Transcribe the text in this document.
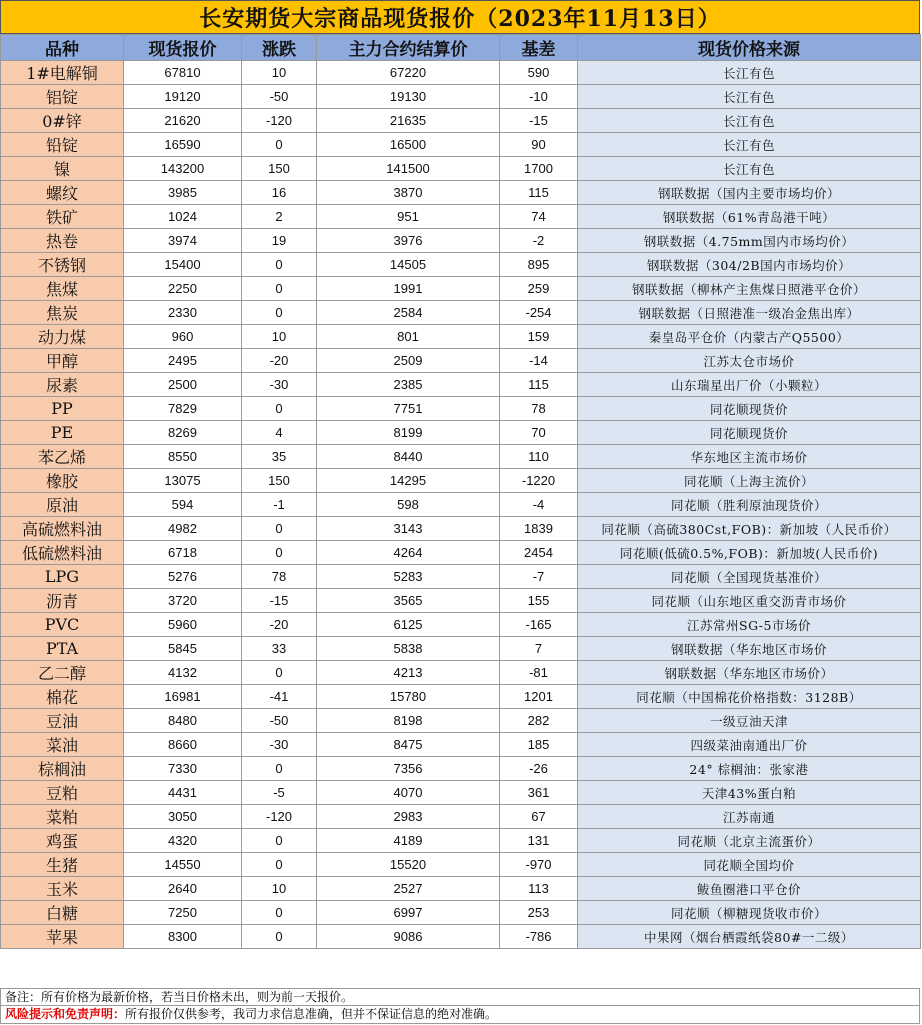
长安期货大宗商品现货报价（2023年11月13日）
品种	现货报价	涨跌	主力合约结算价	基差	现货价格来源
1#电解铜	67810	10	67220	590	长江有色
铝锭	19120	-50	19130	-10	长江有色
0#锌	21620	-120	21635	-15	长江有色
铅锭	16590	0	16500	90	长江有色
镍	143200	150	141500	1700	长江有色
螺纹	3985	16	3870	115	钢联数据（国内主要市场均价）
铁矿	1024	2	951	74	钢联数据（61%青岛港干吨）
热卷	3974	19	3976	-2	钢联数据（4.75mm国内市场均价）
不锈钢	15400	0	14505	895	钢联数据（304/2B国内市场均价）
焦煤	2250	0	1991	259	钢联数据（柳林产主焦煤日照港平仓价）
焦炭	2330	0	2584	-254	钢联数据（日照港准一级冶金焦出库）
动力煤	960	10	801	159	秦皇岛平仓价（内蒙古产Q5500）
甲醇	2495	-20	2509	-14	江苏太仓市场价
尿素	2500	-30	2385	115	山东瑞星出厂价（小颗粒）
PP	7829	0	7751	78	同花顺现货价
PE	8269	4	8199	70	同花顺现货价
苯乙烯	8550	35	8440	110	华东地区主流市场价
橡胶	13075	150	14295	-1220	同花顺（上海主流价）
原油	594	-1	598	-4	同花顺（胜利原油现货价）
高硫燃料油	4982	0	3143	1839	同花顺（高硫380Cst,FOB)：新加坡（人民币价）
低硫燃料油	6718	0	4264	2454	同花顺(低硫0.5%,FOB)：新加坡(人民币价)
LPG	5276	78	5283	-7	同花顺（全国现货基准价）
沥青	3720	-15	3565	155	同花顺（山东地区重交沥青市场价
PVC	5960	-20	6125	-165	江苏常州SG-5市场价
PTA	5845	33	5838	7	钢联数据（华东地区市场价
乙二醇	4132	0	4213	-81	钢联数据（华东地区市场价）
棉花	16981	-41	15780	1201	同花顺（中国棉花价格指数：3128B）
豆油	8480	-50	8198	282	一级豆油天津
菜油	8660	-30	8475	185	四级菜油南通出厂价
棕榈油	7330	0	7356	-26	24° 棕榈油：张家港
豆粕	4431	-5	4070	361	天津43%蛋白粕
菜粕	3050	-120	2983	67	江苏南通
鸡蛋	4320	0	4189	131	同花顺（北京主流蛋价）
生猪	14550	0	15520	-970	同花顺全国均价
玉米	2640	10	2527	113	鲅鱼圈港口平仓价
白糖	7250	0	6997	253	同花顺（柳糖现货收市价）
苹果	8300	0	9086	-786	中果网（烟台栖霞纸袋80#一二级）
备注：所有价格为最新价格，若当日价格未出，则为前一天报价。
风险提示和免责声明：所有报价仅供参考，我司力求信息准确，但并不保证信息的绝对准确。
